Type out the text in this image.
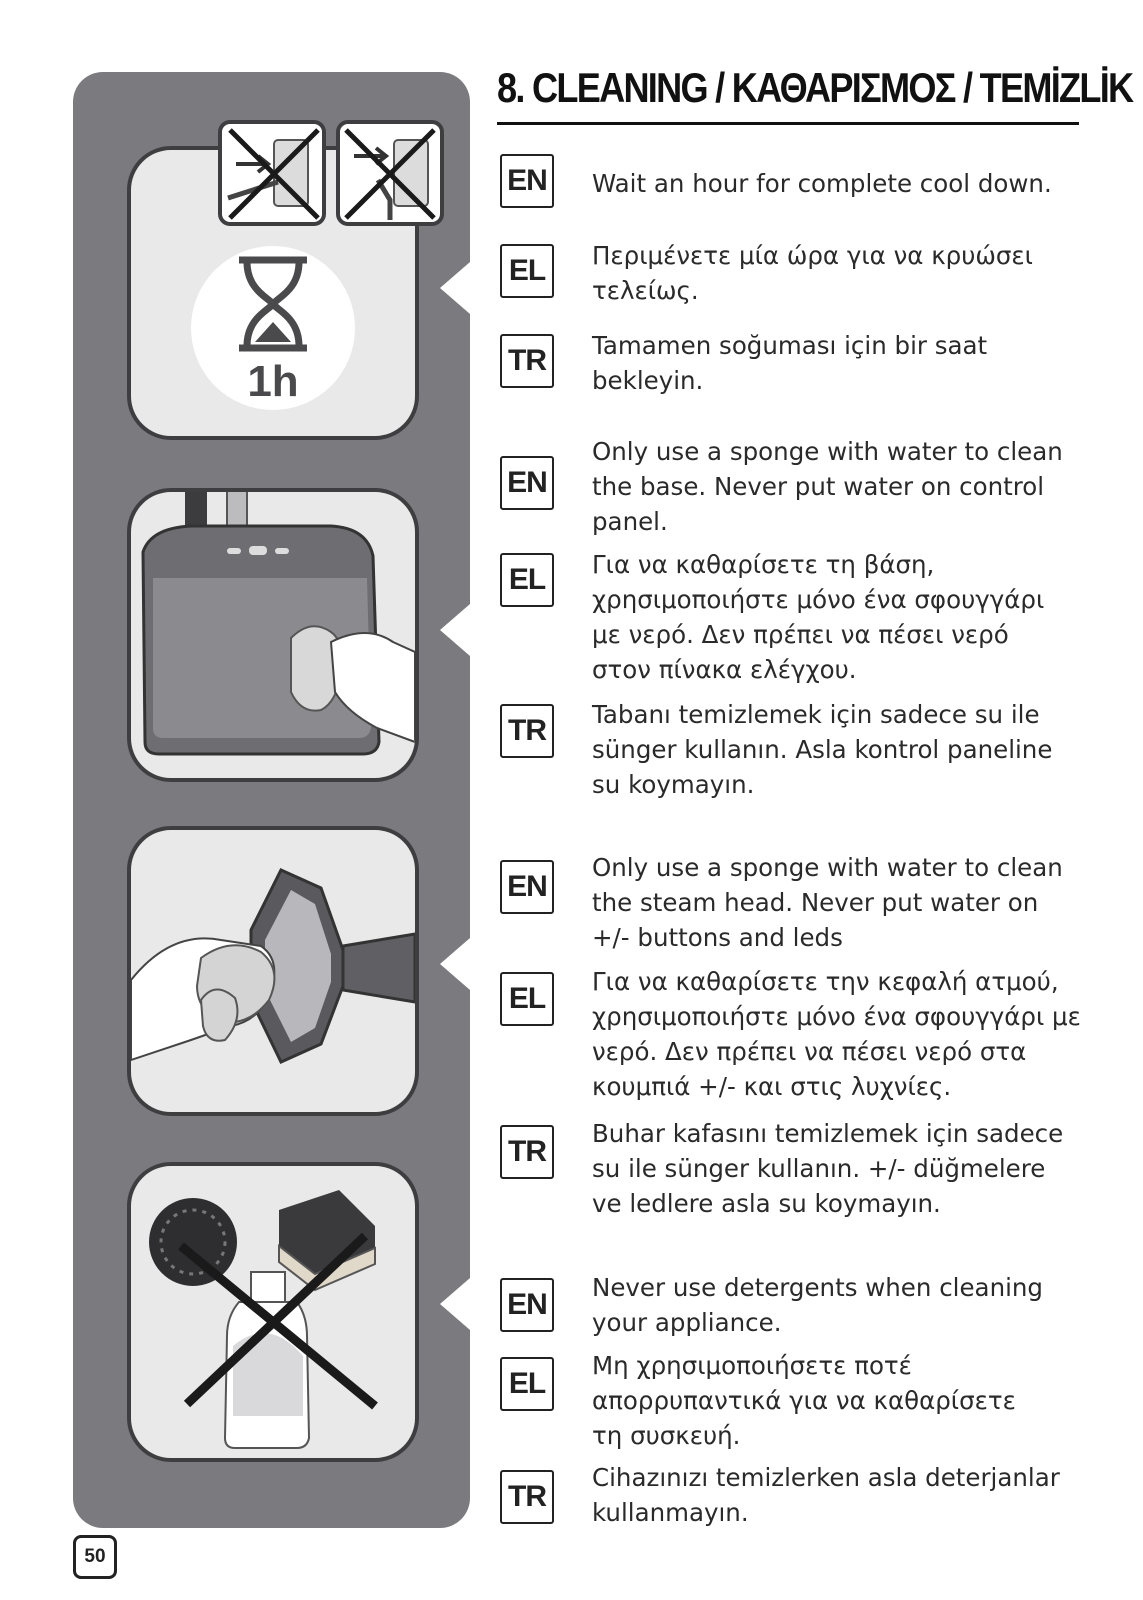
1h
8. CLEANING / ΚΑΘΑΡΙΣΜΟΣ / TEMİZLİK
EN Wait an hour for complete cool down.
EL	Περιμένετε μία ώρα για να κρυώσει τελείως.
TR	Tamamen soğuması için bir saat bekleyin.
EN
Only use a sponge with water to clean the base. Never put water on control panel.
EL	Για να καθαρίσετε τη βάση, χρησιμοποιήστε μόνο ένα σφουγγάρι με νερό. Δεν πρέπει να πέσει νερό στον πίνακα ελέγχου.
TR	Tabanı temizlemek için sadece su ile sünger kullanın. Asla kontrol paneline su koymayın.
EN
Only use a sponge with water to clean the steam head. Never put water on +/- buttons and leds
EL
Για να καθαρίσετε την κεφαλή ατμού, χρησιμοποιήστε μόνο ένα σφουγγάρι με νερό. Δεν πρέπει να πέσει νερό στα κουμπιά +/- και στις λυχνίες.
TR
Buhar kafasını temizlemek için sadece su ile sünger kullanın. +/- düğmelere ve ledlere asla su koymayın.
EN
Never use detergents when cleaning your appliance.
EL
Μη χρησιμοποιήσετε ποτέ απορρυπαντικά για να καθαρίσετε τη συσκευή.
TR
Cihazınızı temizlerken asla deterjanlar kullanmayın.
50
